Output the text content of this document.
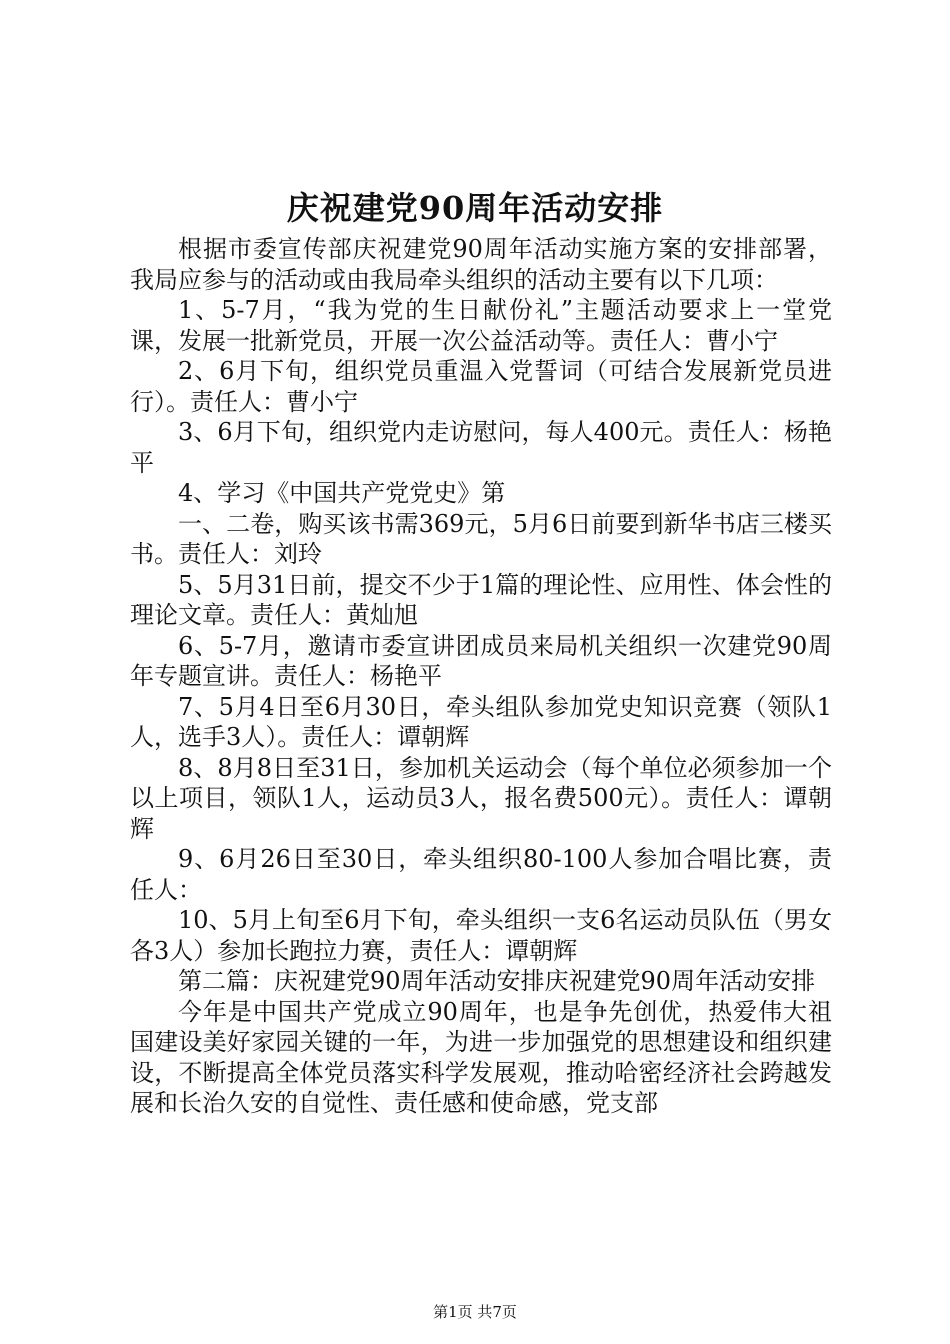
庆祝建党90周年活动安排

根据市委宣传部庆祝建党90周年活动实施方案的安排部署，我局应参与的活动或由我局牵头组织的活动主要有以下几项：

1、5-7月，“我为党的生日献份礼”主题活动要求上一堂党课，发展一批新党员，开展一次公益活动等。责任人：曹小宁

2、6月下旬，组织党员重温入党誓词（可结合发展新党员进行）。责任人：曹小宁

3、6月下旬，组织党内走访慰问，每人400元。责任人：杨艳平

4、学习《中国共产党党史》第

一、二卷，购买该书需369元，5月6日前要到新华书店三楼买书。责任人：刘玲

5、5月31日前，提交不少于1篇的理论性、应用性、体会性的理论文章。责任人：黄灿旭

6、5-7月，邀请市委宣讲团成员来局机关组织一次建党90周年专题宣讲。责任人：杨艳平

7、5月4日至6月30日，牵头组队参加党史知识竞赛（领队1人，选手3人）。责任人：谭朝辉

8、8月8日至31日，参加机关运动会（每个单位必须参加一个以上项目，领队1人，运动员3人，报名费500元）。责任人：谭朝辉

9、6月26日至30日，牵头组织80-100人参加合唱比赛，责任人：

10、5月上旬至6月下旬，牵头组织一支6名运动员队伍（男女各3人）参加长跑拉力赛，责任人：谭朝辉

第二篇：庆祝建党90周年活动安排庆祝建党90周年活动安排

今年是中国共产党成立90周年，也是争先创优，热爱伟大祖国建设美好家园关键的一年，为进一步加强党的思想建设和组织建设，不断提高全体党员落实科学发展观，推动哈密经济社会跨越发展和长治久安的自觉性、责任感和使命感，党支部

第1页 共7页
